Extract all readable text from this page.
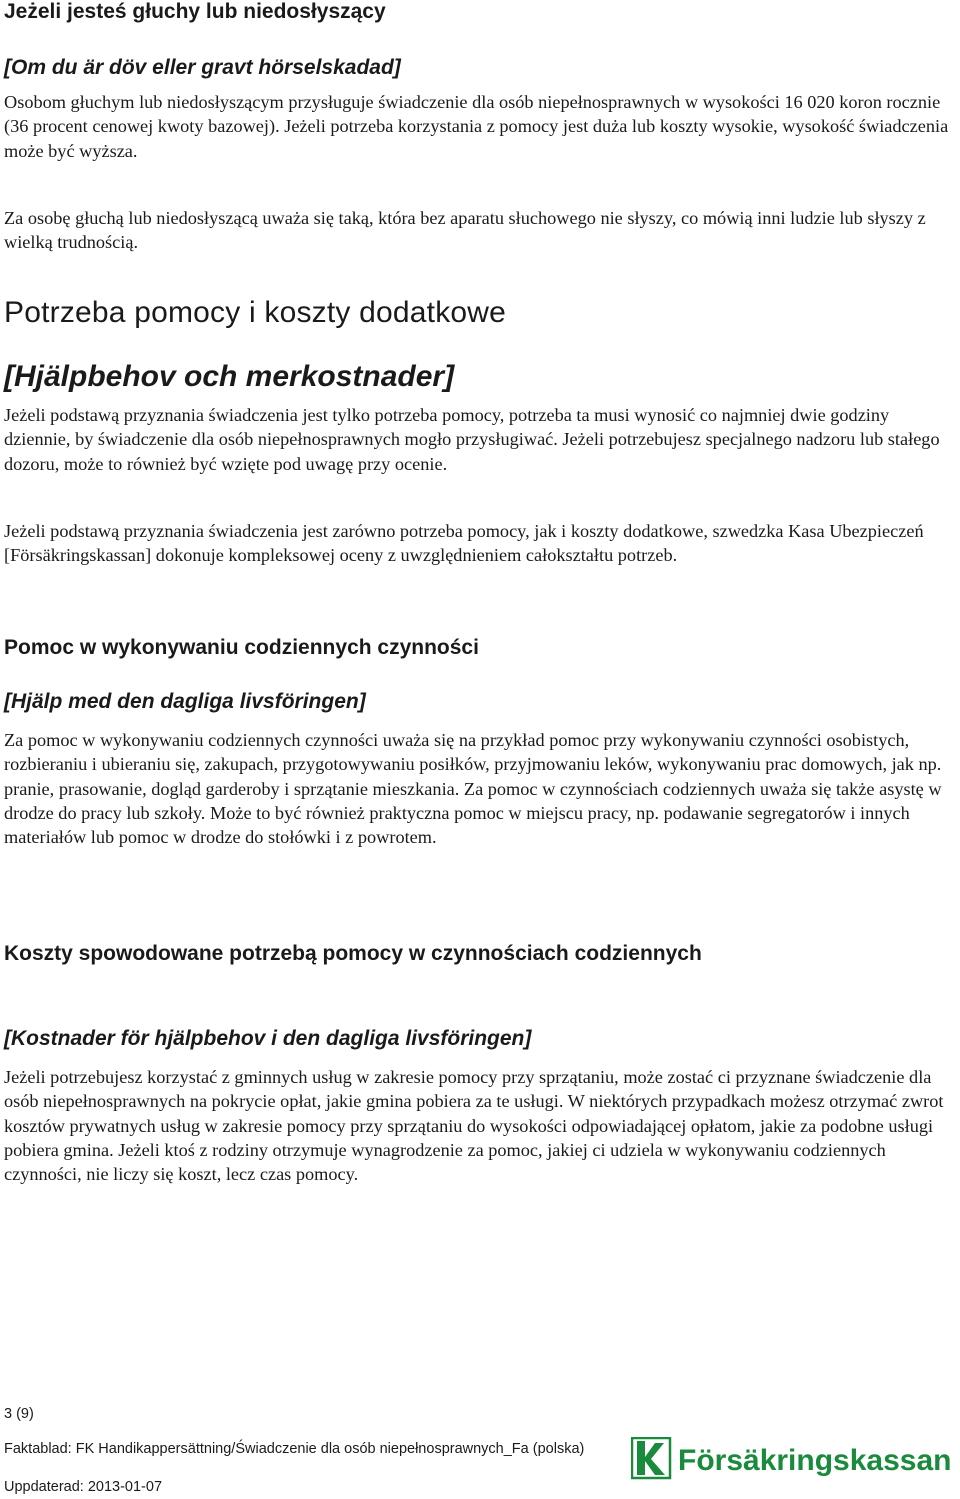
Jeżeli jesteś głuchy lub niedosłyszący
[Om du är döv eller gravt hörselskadad]

Osobom głuchym lub niedosłyszącym przysługuje świadczenie dla osób niepełnosprawnych w wysokości 16 020 koron rocznie (36 procent cenowej kwoty bazowej). Jeżeli potrzeba korzystania z pomocy jest duża lub koszty wysokie, wysokość świadczenia może być wyższa.

Za osobę głuchą lub niedosłyszącą uważa się taką, która bez aparatu słuchowego nie słyszy, co mówią inni ludzie lub słyszy z wielką trudnością.

Potrzeba pomocy i koszty dodatkowe
[Hjälpbehov och merkostnader]

Jeżeli podstawą przyznania świadczenia jest tylko potrzeba pomocy, potrzeba ta musi wynosić co najmniej dwie godziny dziennie, by świadczenie dla osób niepełnosprawnych mogło przysługiwać. Jeżeli potrzebujesz specjalnego nadzoru lub stałego dozoru, może to również być wzięte pod uwagę przy ocenie.

Jeżeli podstawą przyznania świadczenia jest zarówno potrzeba pomocy, jak i koszty dodatkowe, szwedzka Kasa Ubezpieczeń [Försäkringskassan] dokonuje kompleksowej oceny z uwzględnieniem całokształtu potrzeb.

Pomoc w wykonywaniu codziennych czynności
[Hjälp med den dagliga livsföringen]

Za pomoc w wykonywaniu codziennych czynności uważa się na przykład pomoc przy wykonywaniu czynności osobistych, rozbieraniu i ubieraniu się, zakupach, przygotowywaniu posiłków, przyjmowaniu leków, wykonywaniu prac domowych, jak np. pranie, prasowanie, dogląd garderoby i sprzątanie mieszkania. Za pomoc w czynnościach codziennych uważa się także asystę w drodze do pracy lub szkoły. Może to być również praktyczna pomoc w miejscu pracy, np. podawanie segregatorów i innych materiałów lub pomoc w drodze do stołówki i z powrotem.

Koszty spowodowane potrzebą pomocy w czynnościach codziennych
[Kostnader för hjälpbehov i den dagliga livsföringen]

Jeżeli potrzebujesz korzystać z gminnych usług w zakresie pomocy przy sprzątaniu, może zostać ci przyznane świadczenie dla osób niepełnosprawnych na pokrycie opłat, jakie gmina pobiera za te usługi. W niektórych przypadkach możesz otrzymać zwrot kosztów prywatnych usług w zakresie pomocy przy sprzątaniu do wysokości odpowiadającej opłatom, jakie za podobne usługi pobiera gmina. Jeżeli ktoś z rodziny otrzymuje wynagrodzenie za pomoc, jakiej ci udziela w wykonywaniu codziennych czynności, nie liczy się koszt, lecz czas pomocy.

3 (9)

Faktablad: FK Handikappersättning/Świadczenie dla osób niepełnosprawnych_Fa (polska)

Uppdaterad: 2013-01-07

Försäkringskassan
